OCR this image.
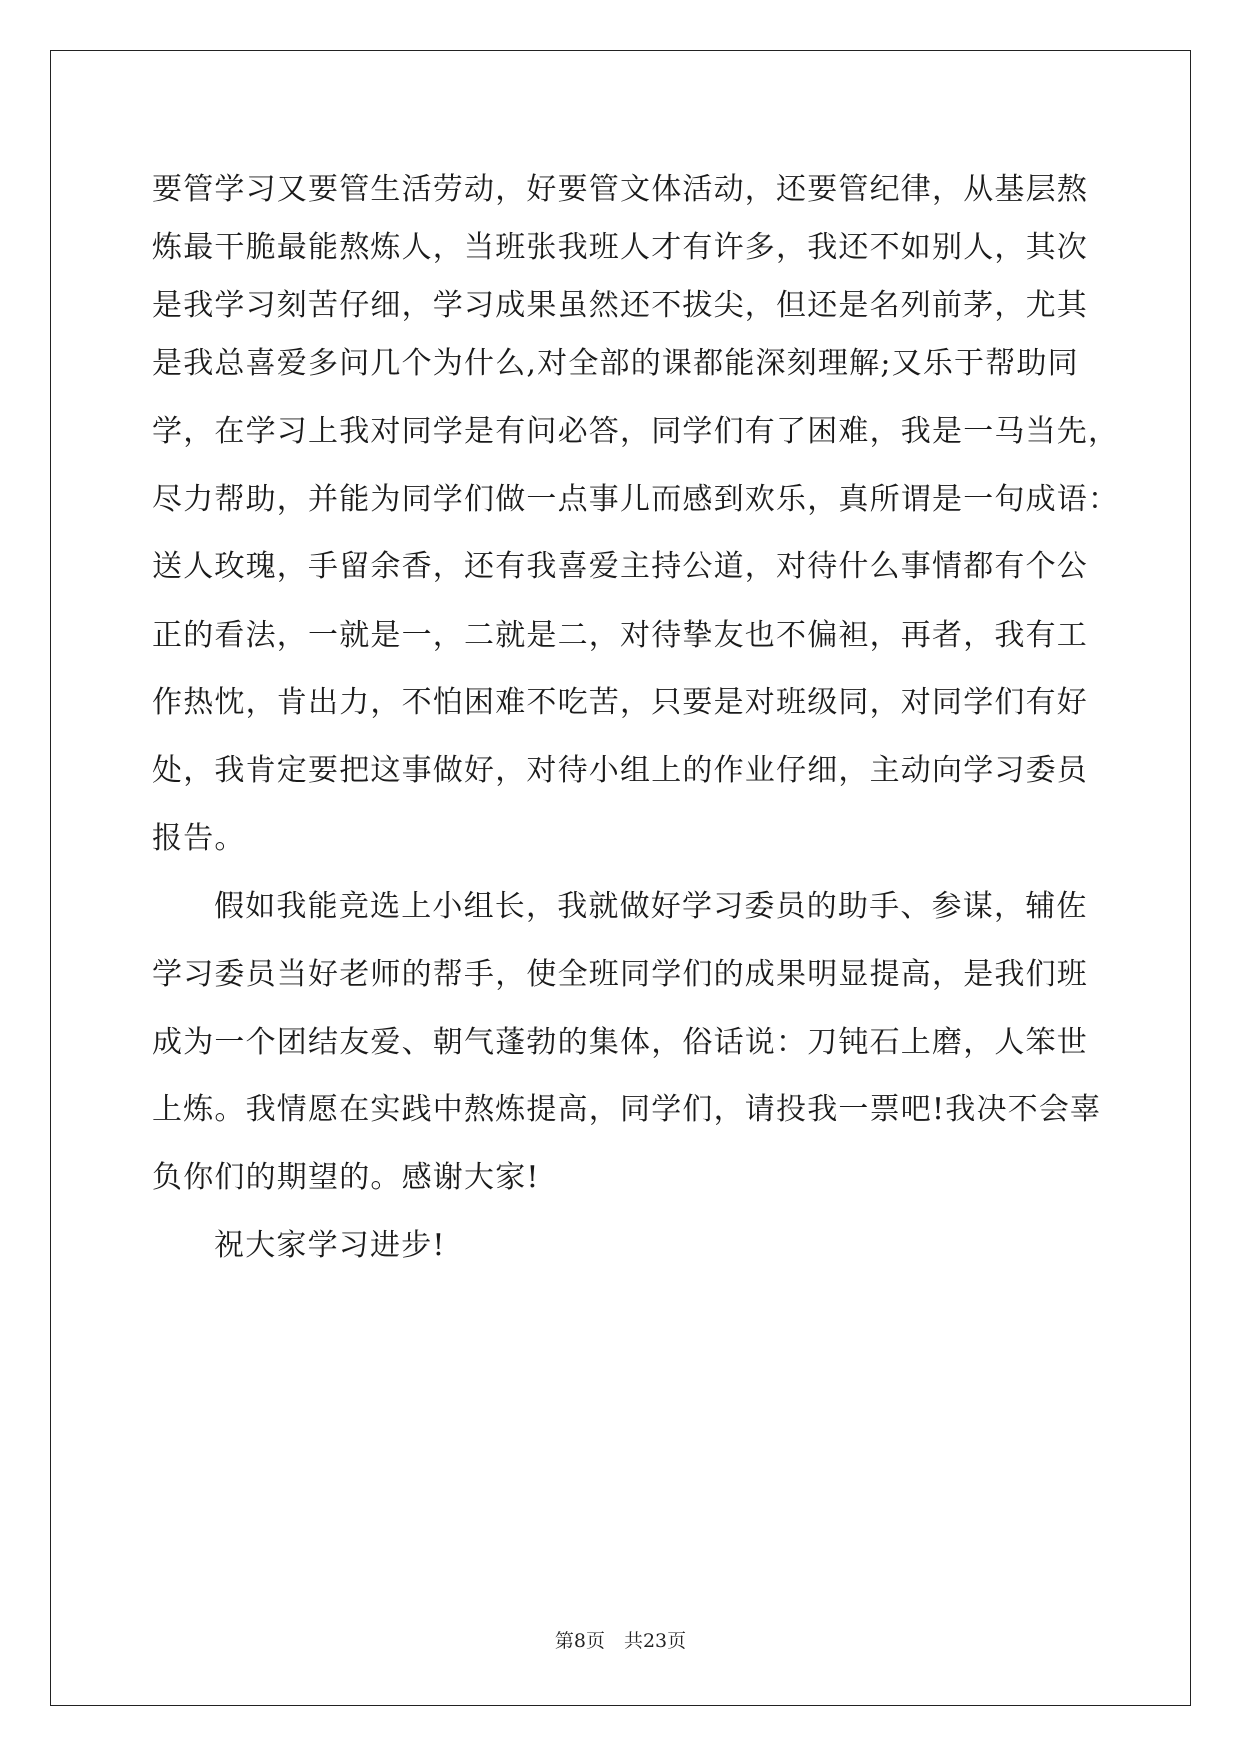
要管学习又要管生活劳动，好要管文体活动，还要管纪律，从基层熬
炼最干脆最能熬炼人，当班张我班人才有许多，我还不如别人，其次
是我学习刻苦仔细，学习成果虽然还不拔尖，但还是名列前茅，尤其
是我总喜爱多问几个为什么,对全部的课都能深刻理解;又乐于帮助同
学，在学习上我对同学是有问必答，同学们有了困难，我是一马当先，
尽力帮助，并能为同学们做一点事儿而感到欢乐，真所谓是一句成语：
送人玫瑰，手留余香，还有我喜爱主持公道，对待什么事情都有个公
正的看法，一就是一，二就是二，对待挚友也不偏袒，再者，我有工
作热忱，肯出力，不怕困难不吃苦，只要是对班级同，对同学们有好
处，我肯定要把这事做好，对待小组上的作业仔细，主动向学习委员
报告。
假如我能竞选上小组长，我就做好学习委员的助手、参谋，辅佐
学习委员当好老师的帮手，使全班同学们的成果明显提高，是我们班
成为一个团结友爱、朝气蓬勃的集体，俗话说：刀钝石上磨，人笨世
上炼。我情愿在实践中熬炼提高，同学们，请投我一票吧!我决不会辜
负你们的期望的。感谢大家!
祝大家学习进步!
第8页　共23页
